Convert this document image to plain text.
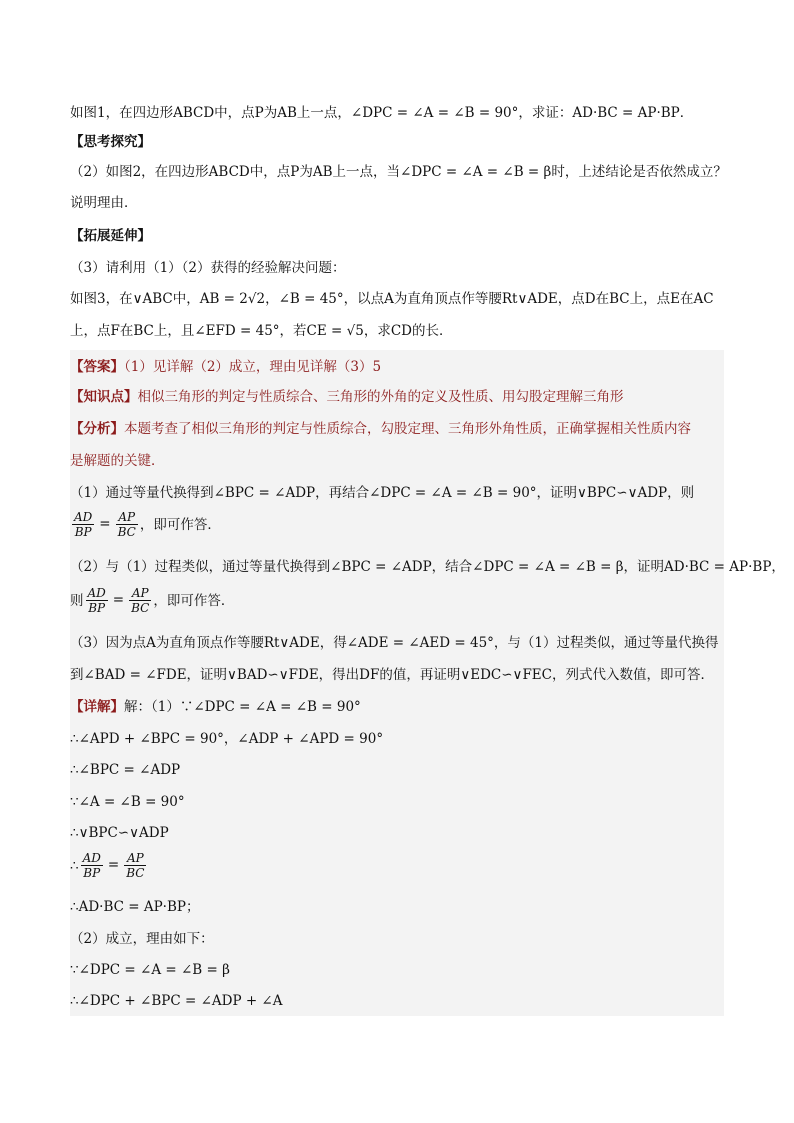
如图1，在四边形ABCD中，点P为AB上一点，∠DPC = ∠A = ∠B = 90°，求证：AD·BC = AP·BP．
【思考探究】
（2）如图2，在四边形ABCD中，点P为AB上一点，当∠DPC = ∠A = ∠B = β时，上述结论是否依然成立？
说明理由．
【拓展延伸】
（3）请利用（1）（2）获得的经验解决问题：
如图3，在∨ABC中，AB = 2√2，∠B = 45°，以点A为直角顶点作等腰Rt∨ADE，点D在BC上，点E在AC
上，点F在BC上，且∠EFD = 45°，若CE = √5，求CD的长．
【答案】（1）见详解（2）成立，理由见详解（3）5
【知识点】相似三角形的判定与性质综合、三角形的外角的定义及性质、用勾股定理解三角形
【分析】本题考查了相似三角形的判定与性质综合，勾股定理、三角形外角性质，正确掌握相关性质内容
是解题的关键．
（1）通过等量代换得到∠BPC = ∠ADP，再结合∠DPC = ∠A = ∠B = 90°，证明∨BPC∽∨ADP，则
$\frac{AD}{BP} = \frac{AP}{BC}$ ，即可作答．
（2）与（1）过程类似，通过等量代换得到∠BPC = ∠ADP，结合∠DPC = ∠A = ∠B = β，证明AD·BC = AP·BP，
则 $\frac{AD}{BP} = \frac{AP}{BC}$ ，即可作答．
（3）因为点A为直角顶点作等腰Rt∨ADE，得∠ADE = ∠AED = 45°，与（1）过程类似，通过等量代换得
到∠BAD = ∠FDE，证明∨BAD∽∨FDE，得出DF的值，再证明∨EDC∽∨FEC，列式代入数值，即可答．
【详解】解：（1）∵∠DPC = ∠A = ∠B = 90°
∴∠APD + ∠BPC = 90°，∠ADP + ∠APD = 90°
∴∠BPC = ∠ADP
∵∠A = ∠B = 90°
∴∨BPC∽∨ADP
∴ $\frac{AD}{BP} = \frac{AP}{BC}$
∴AD·BC = AP·BP；
（2）成立，理由如下：
∵∠DPC = ∠A = ∠B = β
∴∠DPC + ∠BPC = ∠ADP + ∠A
